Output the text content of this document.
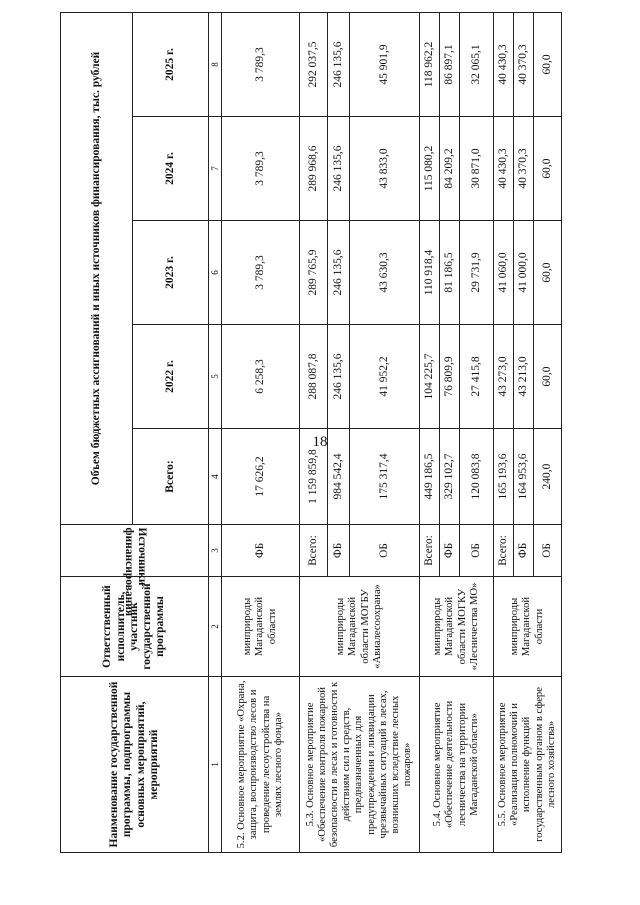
18
Наименование государственной программы, подпрограммы основных мероприятий, мероприятий	Ответственный исполнитель, участник государственной программы	Источники финансирования	Объем бюджетных ассигнований и иных источников финансирования, тыс. рублей				
			Всего:	2022 г.	2023 г.	2024 г.	2025 г.
1	2	3	4	5	6	7	8
5.2. Основное мероприятие «Охрана, защита, воспроизводство лесов и проведение лесоустройства на землях лесного фонда»	минприроды Магаданской области	ФБ	17 626,2	6 258,3	3 789,3	3 789,3	3 789,3
5.3. Основное мероприятие «Обеспечение контроля пожарной безопасности в лесах и готовности к действиям сил и средств, предназначенных для предупреждения и ликвидации чрезвычайных ситуаций в лесах, возникших вследствие лесных пожаров»	минприроды Магаданской области МОГБУ «Авиалесоохрана»	Всего:	1 159 859,8	288 087,8	289 765,9	289 968,6	292 037,5
		ФБ	984 542,4	246 135,6	246 135,6	246 135,6	246 135,6
		ОБ	175 317,4	41 952,2	43 630,3	43 833,0	45 901,9
5.4. Основное мероприятие «Обеспечение деятельности лесничества на территории Магаданской области»	минприроды Магаданской области МОГКУ «Лесничества МО»	Всего:	449 186,5	104 225,7	110 918,4	115 080,2	118 962,2
		ФБ	329 102,7	76 809,9	81 186,5	84 209,2	86 897,1
		ОБ	120 083,8	27 415,8	29 731,9	30 871,0	32 065,1
5.5. Основное мероприятие «Реализация полномочий и исполнение функций государственным органом в сфере лесного хозяйства»	минприроды Магаданской области	Всего:	165 193,6	43 273,0	41 060,0	40 430,3	40 430,3
		ФБ	164 953,6	43 213,0	41 000,0	40 370,3	40 370,3
		ОБ	240,0	60,0	60,0	60,0	60,0
